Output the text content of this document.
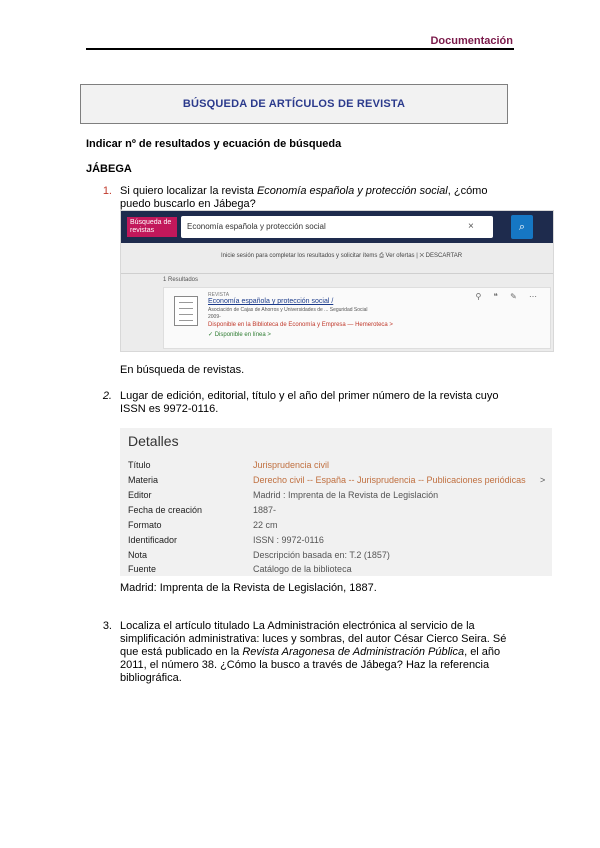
Documentación
BÚSQUEDA DE ARTÍCULOS DE REVISTA
Indicar nº de resultados y ecuación de búsqueda
JÁBEGA
1. Si quiero localizar la revista Economía española y protección social, ¿cómo
puedo buscarlo en Jábega?
Búsqueda de revistas	Economía española y protección social	×	⌕
Inicie sesión para completar los resultados y solicitar ítems ⎙ Ver ofertas | ✕ DESCARTAR
1 Resultados
REVISTA
Economía española y protección social /
Asociación de Cajas de Ahorros y Universidades de ... Seguridad Social
2009-
Disponible en la Biblioteca de Economía y Empresa — Hemeroteca >
✓ Disponible en línea >
⚲ ❝ ✎ ⋯
En búsqueda de revistas.
2. Lugar de edición, editorial, título y el año del primer número de la revista cuyo
ISSN es 9972-0116.
Detalles
Título	Jurisprudencia civil
Materia	Derecho civil -- España -- Jurisprudencia -- Publicaciones periódicas >
Editor	Madrid : Imprenta de la Revista de Legislación
Fecha de creación	1887-
Formato	22 cm
Identificador	ISSN : 9972-0116
Nota	Descripción basada en: T.2 (1857)
Fuente	Catálogo de la biblioteca
Madrid: Imprenta de la Revista de Legislación, 1887.
3. Localiza el artículo titulado La Administración electrónica al servicio de la
simplificación administrativa: luces y sombras, del autor César Cierco Seira. Sé
que está publicado en la Revista Aragonesa de Administración Pública, el año
2011, el número 38. ¿Cómo la busco a través de Jábega? Haz la referencia
bibliográfica.
